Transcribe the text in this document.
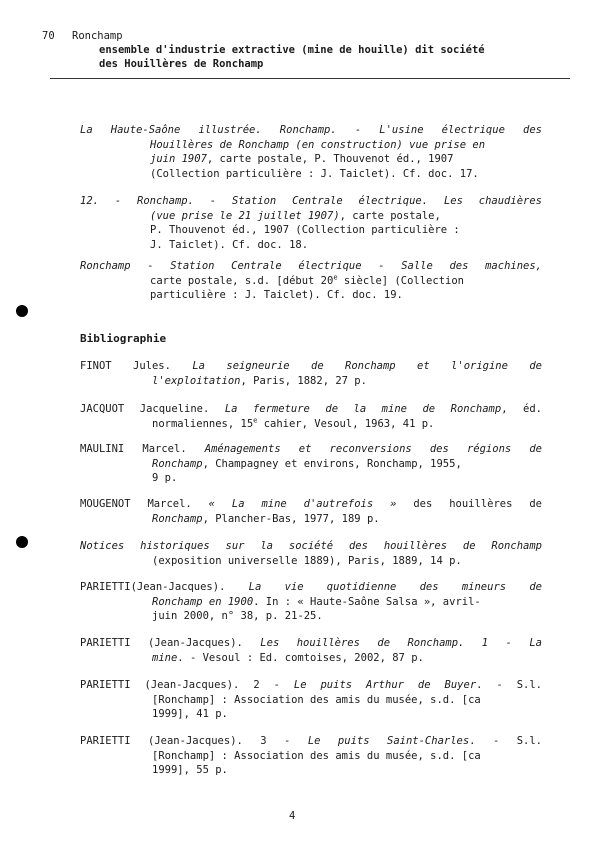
70 Ronchamp
ensemble d'industrie extractive (mine de houille) dit société
des Houillères de Ronchamp
La Haute-Saône illustrée. Ronchamp. - L'usine électrique des
Houillères de Ronchamp (en construction) vue prise en
juin 1907, carte postale, P. Thouvenot éd., 1907
(Collection particulière : J. Taiclet). Cf. doc. 17.
12. - Ronchamp. - Station Centrale électrique. Les chaudières
(vue prise le 21 juillet 1907), carte postale,
P. Thouvenot éd., 1907 (Collection particulière :
J. Taiclet). Cf. doc. 18.
Ronchamp - Station Centrale électrique - Salle des machines,
carte postale, s.d. [début 20e siècle] (Collection
particulière : J. Taiclet). Cf. doc. 19.
Bibliographie
FINOT Jules. La seigneurie de Ronchamp et l'origine de
l'exploitation, Paris, 1882, 27 p.
JACQUOT Jacqueline. La fermeture de la mine de Ronchamp, éd.
normaliennes, 15e cahier, Vesoul, 1963, 41 p.
MAULINI Marcel. Aménagements et reconversions des régions de
Ronchamp, Champagney et environs, Ronchamp, 1955,
9 p.
MOUGENOT Marcel. « La mine d'autrefois » des houillères de
Ronchamp, Plancher-Bas, 1977, 189 p.
Notices historiques sur la société des houillères de Ronchamp
(exposition universelle 1889), Paris, 1889, 14 p.
PARIETTI(Jean-Jacques). La vie quotidienne des mineurs de
Ronchamp en 1900. In : « Haute-Saône Salsa », avril-
juin 2000, n° 38, p. 21-25.
PARIETTI (Jean-Jacques). Les houillères de Ronchamp. 1 - La
mine. - Vesoul : Ed. comtoises, 2002, 87 p.
PARIETTI (Jean-Jacques). 2 - Le puits Arthur de Buyer. - S.l.
[Ronchamp] : Association des amis du musée, s.d. [ca
1999], 41 p.
PARIETTI (Jean-Jacques). 3 - Le puits Saint-Charles. - S.l.
[Ronchamp] : Association des amis du musée, s.d. [ca
1999], 55 p.
4
